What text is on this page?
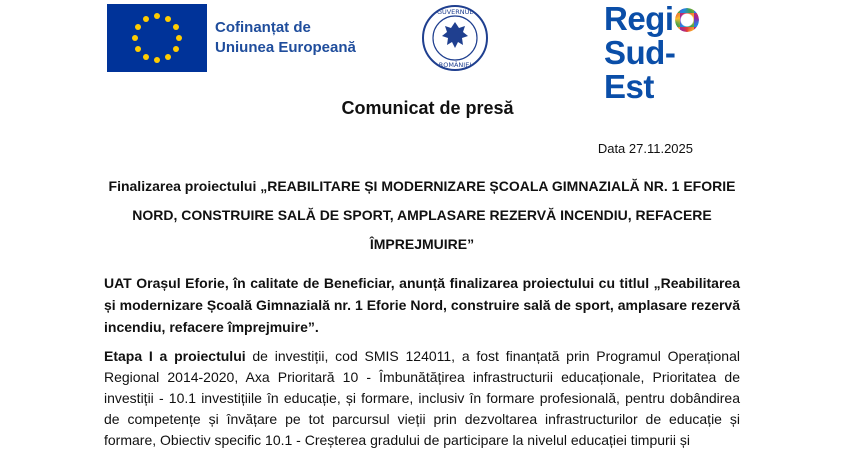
Cofinanțat de
Uniunea Europeană
GUVERNUL
ROMÂNIEI
Regi
Sud-Est
Comunicat de presă
Data 27.11.2025
Finalizarea proiectului „REABILITARE ȘI MODERNIZARE ȘCOALA GIMNAZIALĂ NR. 1 EFORIE NORD, CONSTRUIRE SALĂ DE SPORT, AMPLASARE REZERVĂ INCENDIU, REFACERE ÎMPREJMUIRE”
UAT Orașul Eforie, în calitate de Beneficiar, anunță finalizarea proiectului cu titlul „Reabilitarea și modernizare Școală Gimnazială nr. 1 Eforie Nord, construire sală de sport, amplasare rezervă incendiu, refacere împrejmuire”.
Etapa I a proiectului de investiții, cod SMIS 124011, a fost finanțată prin Programul Operațional Regional 2014-2020, Axa Prioritară 10 - Îmbunătățirea infrastructurii educaționale, Prioritatea de investiții - 10.1 investițiile în educație, și formare, inclusiv în formare profesională, pentru dobândirea de competențe și învățare pe tot parcursul vieții prin dezvoltarea infrastructurilor de educație și formare, Obiectiv specific 10.1 - Creșterea gradului de participare la nivelul educației timpurii și
